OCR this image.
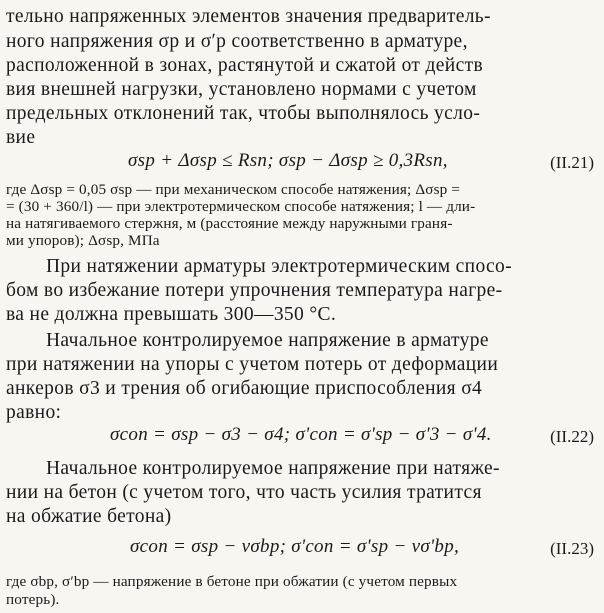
тельно напряженных элементов значения предваритель-
ного напряжения σр и σʹр соответственно в арматуре,
расположенной в зонах, растянутой и сжатой от действ
вия внешней нагрузки, установлено нормами с учетом
предельных отклонений так, чтобы выполнялось усло-
вие
σsp + Δσsp ≤ Rsn; σsp − Δσsp ≥ 0,3Rsn,	(II.21)
где Δσsp = 0,05 σsp — при механическом способе натяжения; Δσsp =
= (30 + 360/l) — при электротермическом способе натяжения; l — дли-
на натягиваемого стержня, м (расстояние между наружными граня-
ми упоров); Δσsp, МПа
При натяжении арматуры электротермическим спосо-
бом во избежание потери упрочнения температура нагре-
ва не должна превышать 300—350 °С.
Начальное контролируемое напряжение в арматуре
при натяжении на упоры с учетом потерь от деформации
анкеров σ3 и трения об огибающие приспособления σ4
равно:
σcon = σsp − σ3 − σ4; σʹcon = σʹsp − σʹ3 − σʹ4.	(II.22)
Начальное контролируемое напряжение при натяже-
нии на бетон (с учетом того, что часть усилия тратится
на обжатие бетона)
σcon = σsp − νσbp; σʹcon = σʹsp − νσʹbp,	(II.23)
где σbp, σʹbp — напряжение в бетоне при обжатии (с учетом первых
потерь).
